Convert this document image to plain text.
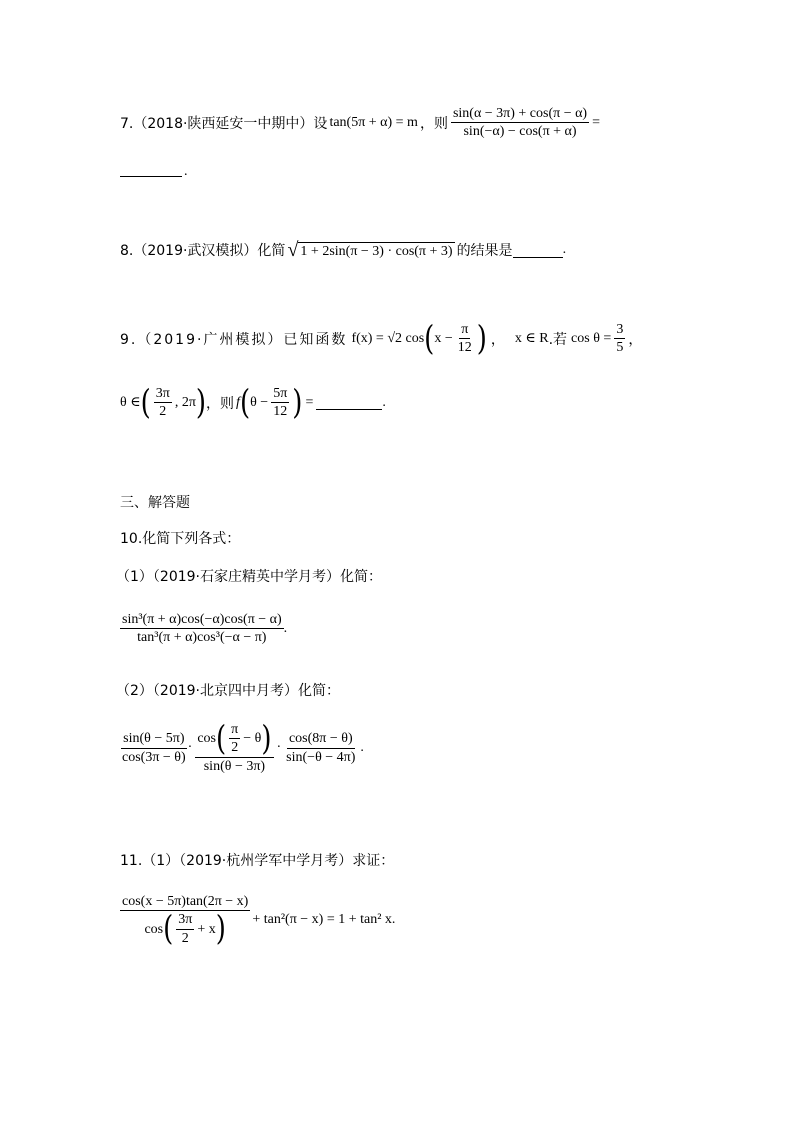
7.（2018·陕西延安一中期中）设 tan(5π + α) = m ，则 $\frac{\sin(\alpha - 3\pi) + \cos(\pi - \alpha)}{\sin(-\alpha) - \cos(\pi + \alpha)}$ =
.
8.（2019·武汉模拟）化简 √ 1 + 2sin(π − 3) · cos(π + 3) 的结果是	.
9.（2019·广州模拟）已知函数 f(x) = √2 cos ( $x - \frac{\pi}{12}$ ) ， x ∈ R .若 $\cos \theta = \frac{3}{5}$ ，
θ ∈ ( $\frac{3\pi}{2}$ , 2π ) ，则 f ( $\theta - \frac{5\pi}{12}$ ) =	.
三、解答题
10.化简下列各式：
（1）（2019·石家庄精英中学月考）化简：
$\frac{\text{sin³(π + α)cos(−α)cos(π − α)}}{\text{tan³(π + α)cos³(−α − π)}}$ .
（2）（2019·北京四中月考）化简：
$\frac{\sin(\theta - 5\pi)}{\cos(3\pi - \theta)}$ ·
cos ( $\frac{\pi}{2} - \theta$ )
sin(θ − 3π)
· $\frac{\cos(8\pi - \theta)}{\sin(-\theta - 4\pi)}$ .
11.（1）（2019·杭州学军中学月考）求证：
cos(x − 5π)tan(2π − x)
cos ( $\frac{3\pi}{2} + x$ ) + tan²(π − x) = 1 + tan² x .
